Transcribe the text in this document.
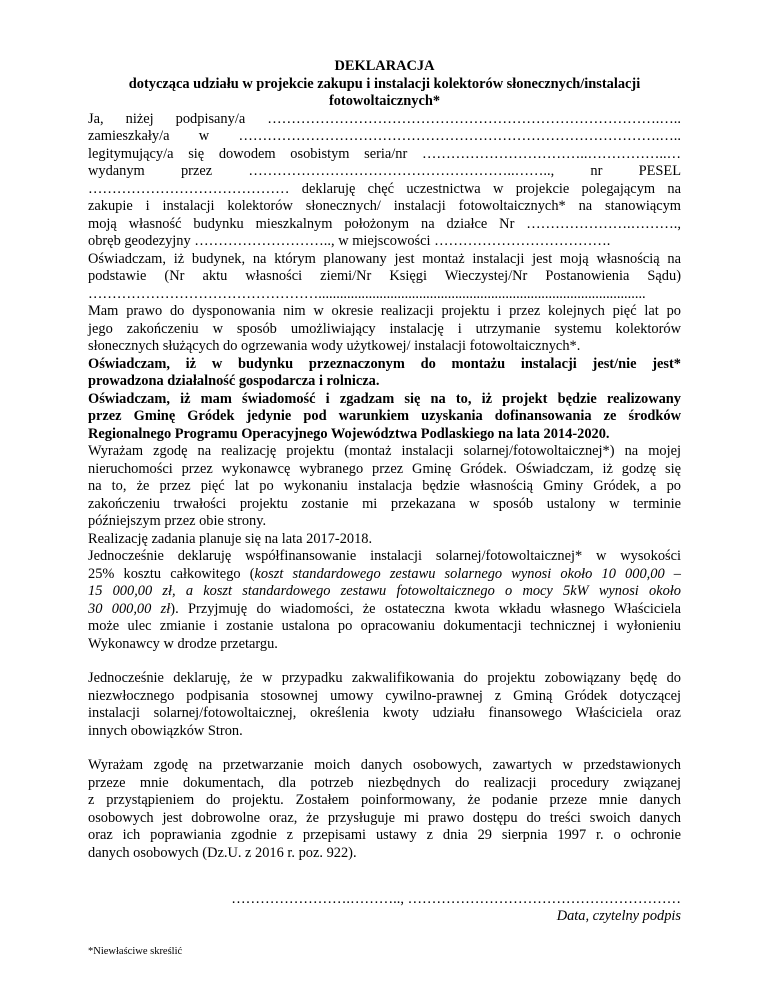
DEKLARACJA
dotycząca udziału w projekcie zakupu i instalacji kolektorów słonecznych/instalacji
fotowoltaicznych*
Ja, niżej podpisany/a ……………………………………………………………………….…..
zamieszkały/a w …………………………………………………………………………….…..
legitymujący/a się dowodem osobistym seria/nr ……………………………..……………..…
wydanym przez ………………………………………………..…….., nr PESEL
…………………………………… deklaruję chęć uczestnictwa w projekcie polegającym na
zakupie i instalacji kolektorów słonecznych/ instalacji fotowoltaicznych* na stanowiącym
moją własność budynku mieszkalnym położonym na działce Nr ………………….……….,
obręb geodezyjny ……………………….., w miejscowości ……………………………….
Oświadczam, iż budynek, na którym planowany jest montaż instalacji jest moją własnością na
podstawie (Nr aktu własności ziemi/Nr Księgi Wieczystej/Nr Postanowienia Sądu)
…………………………………………...........................................................................................
Mam prawo do dysponowania nim w okresie realizacji projektu i przez kolejnych pięć lat po
jego zakończeniu w sposób umożliwiający instalację i utrzymanie systemu kolektorów
słonecznych służących do ogrzewania wody użytkowej/ instalacji fotowoltaicznych*.
Oświadczam, iż w budynku przeznaczonym do montażu instalacji jest/nie jest*
prowadzona działalność gospodarcza i rolnicza.
Oświadczam, iż mam świadomość i zgadzam się na to, iż projekt będzie realizowany
przez Gminę Gródek jedynie pod warunkiem uzyskania dofinansowania ze środków
Regionalnego Programu Operacyjnego Województwa Podlaskiego na lata 2014-2020.
Wyrażam zgodę na realizację projektu (montaż instalacji solarnej/fotowoltaicznej*) na mojej
nieruchomości przez wykonawcę wybranego przez Gminę Gródek. Oświadczam, iż godzę się
na to, że przez pięć lat po wykonaniu instalacja będzie własnością Gminy Gródek, a po
zakończeniu trwałości projektu zostanie mi przekazana w sposób ustalony w terminie
późniejszym przez obie strony.
Realizację zadania planuje się na lata 2017-2018.
Jednocześnie deklaruję współfinansowanie instalacji solarnej/fotowoltaicznej* w wysokości
25% kosztu całkowitego (koszt standardowego zestawu solarnego wynosi około 10 000,00 –
15 000,00 zł, a koszt standardowego zestawu fotowoltaicznego o mocy 5kW wynosi około
30 000,00 zł). Przyjmuję do wiadomości, że ostateczna kwota wkładu własnego Właściciela
może ulec zmianie i zostanie ustalona po opracowaniu dokumentacji technicznej i wyłonieniu
Wykonawcy w drodze przetargu.
Jednocześnie deklaruję, że w przypadku zakwalifikowania do projektu zobowiązany będę do
niezwłocznego podpisania stosownej umowy cywilno-prawnej z Gminą Gródek dotyczącej
instalacji solarnej/fotowoltaicznej, określenia kwoty udziału finansowego Właściciela oraz
innych obowiązków Stron.
Wyrażam zgodę na przetwarzanie moich danych osobowych, zawartych w przedstawionych
przeze mnie dokumentach, dla potrzeb niezbędnych do realizacji procedury związanej
z przystąpieniem do projektu. Zostałem poinformowany, że podanie przeze mnie danych
osobowych jest dobrowolne oraz, że przysługuje mi prawo dostępu do treści swoich danych
oraz ich poprawiania zgodnie z przepisami ustawy z dnia 29 sierpnia 1997 r. o ochronie
danych osobowych (Dz.U. z 2016 r. poz. 922).
…………………….……….., …………………………………………………
Data, czytelny podpis
*Niewłaściwe skreślić
